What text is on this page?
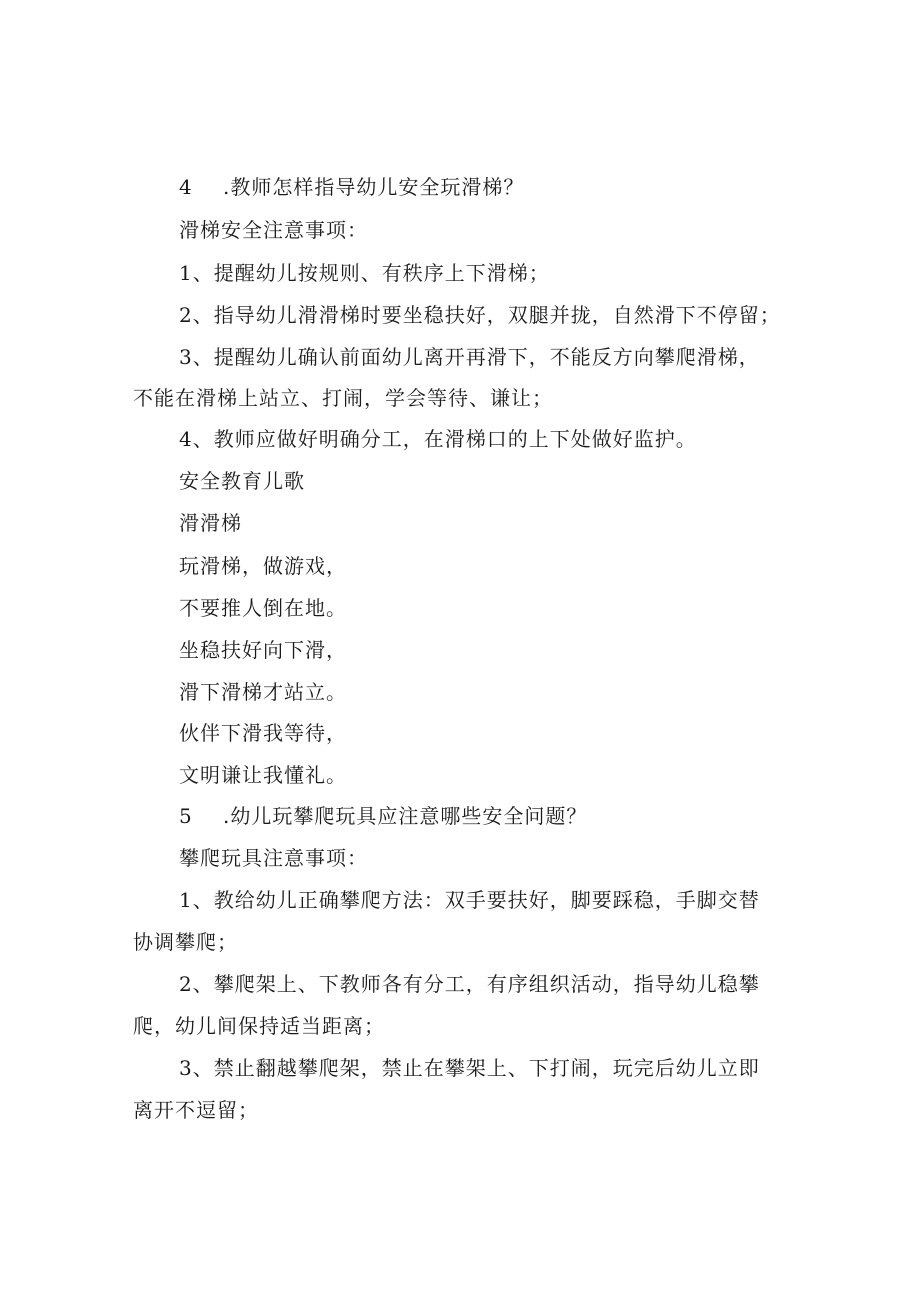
4 .教师怎样指导幼儿安全玩滑梯？
滑梯安全注意事项：
1、提醒幼儿按规则、有秩序上下滑梯；
2、指导幼儿滑滑梯时要坐稳扶好，双腿并拢，自然滑下不停留；
3、提醒幼儿确认前面幼儿离开再滑下，不能反方向攀爬滑梯，
不能在滑梯上站立、打闹，学会等待、谦让；
4、教师应做好明确分工，在滑梯口的上下处做好监护。
安全教育儿歌
滑滑梯
玩滑梯，做游戏，
不要推人倒在地。
坐稳扶好向下滑，
滑下滑梯才站立。
伙伴下滑我等待，
文明谦让我懂礼。
5 .幼儿玩攀爬玩具应注意哪些安全问题？
攀爬玩具注意事项：
1、教给幼儿正确攀爬方法：双手要扶好，脚要踩稳，手脚交替
协调攀爬；
2、攀爬架上、下教师各有分工，有序组织活动，指导幼儿稳攀
爬，幼儿间保持适当距离；
3、禁止翻越攀爬架，禁止在攀架上、下打闹，玩完后幼儿立即
离开不逗留；
